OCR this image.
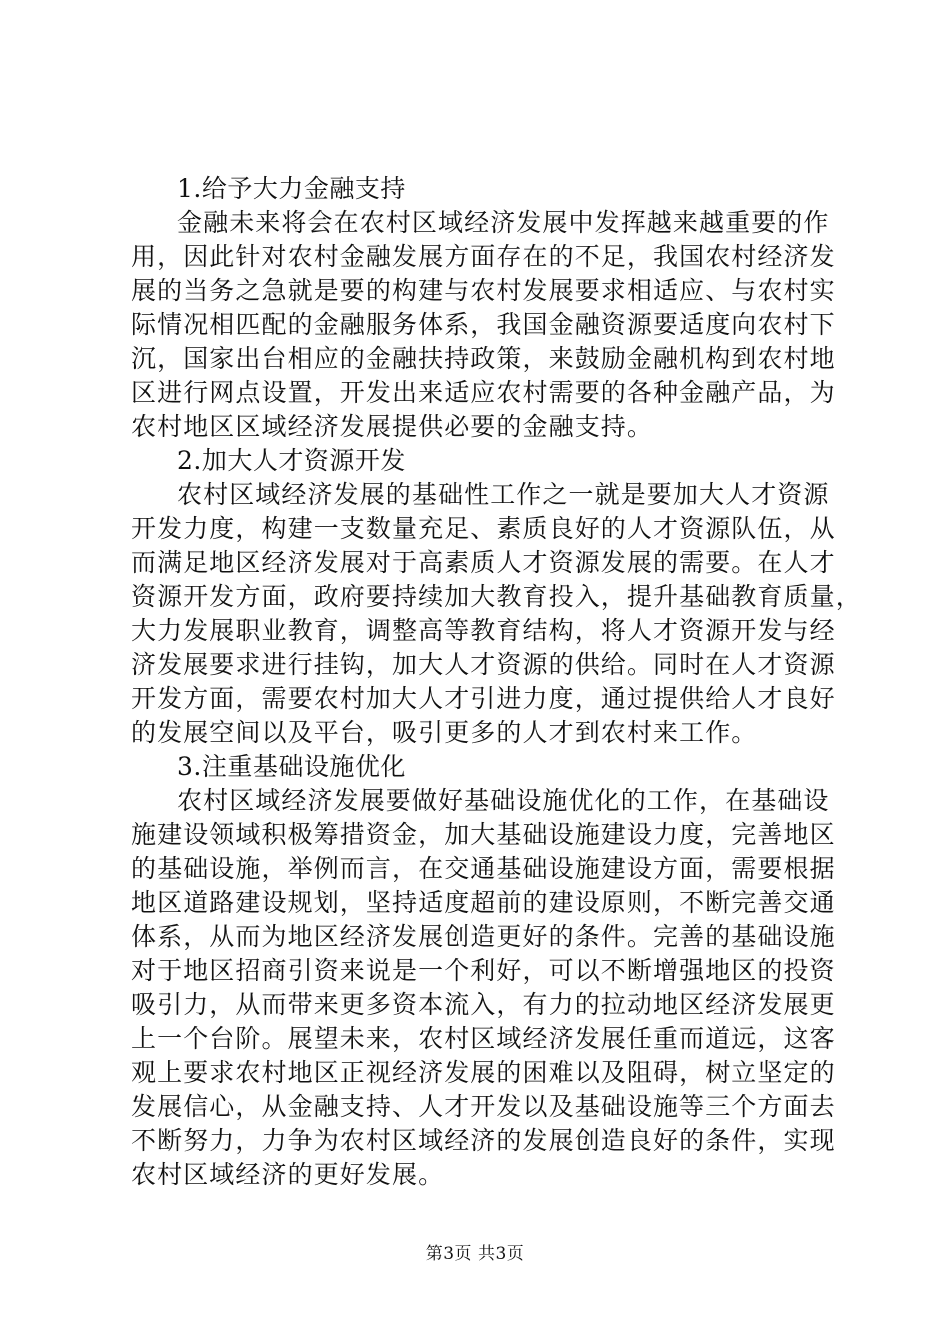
1.给予大力金融支持
金融未来将会在农村区域经济发展中发挥越来越重要的作
用，因此针对农村金融发展方面存在的不足，我国农村经济发
展的当务之急就是要的构建与农村发展要求相适应、与农村实
际情况相匹配的金融服务体系，我国金融资源要适度向农村下
沉，国家出台相应的金融扶持政策，来鼓励金融机构到农村地
区进行网点设置，开发出来适应农村需要的各种金融产品，为
农村地区区域经济发展提供必要的金融支持。
2.加大人才资源开发
农村区域经济发展的基础性工作之一就是要加大人才资源
开发力度，构建一支数量充足、素质良好的人才资源队伍，从
而满足地区经济发展对于高素质人才资源发展的需要。在人才
资源开发方面，政府要持续加大教育投入，提升基础教育质量，
大力发展职业教育，调整高等教育结构，将人才资源开发与经
济发展要求进行挂钩，加大人才资源的供给。同时在人才资源
开发方面，需要农村加大人才引进力度，通过提供给人才良好
的发展空间以及平台，吸引更多的人才到农村来工作。
3.注重基础设施优化
农村区域经济发展要做好基础设施优化的工作，在基础设
施建设领域积极筹措资金，加大基础设施建设力度，完善地区
的基础设施，举例而言，在交通基础设施建设方面，需要根据
地区道路建设规划，坚持适度超前的建设原则，不断完善交通
体系，从而为地区经济发展创造更好的条件。完善的基础设施
对于地区招商引资来说是一个利好，可以不断增强地区的投资
吸引力，从而带来更多资本流入，有力的拉动地区经济发展更
上一个台阶。展望未来，农村区域经济发展任重而道远，这客
观上要求农村地区正视经济发展的困难以及阻碍，树立坚定的
发展信心，从金融支持、人才开发以及基础设施等三个方面去
不断努力，力争为农村区域经济的发展创造良好的条件，实现
农村区域经济的更好发展。
第3页 共3页
